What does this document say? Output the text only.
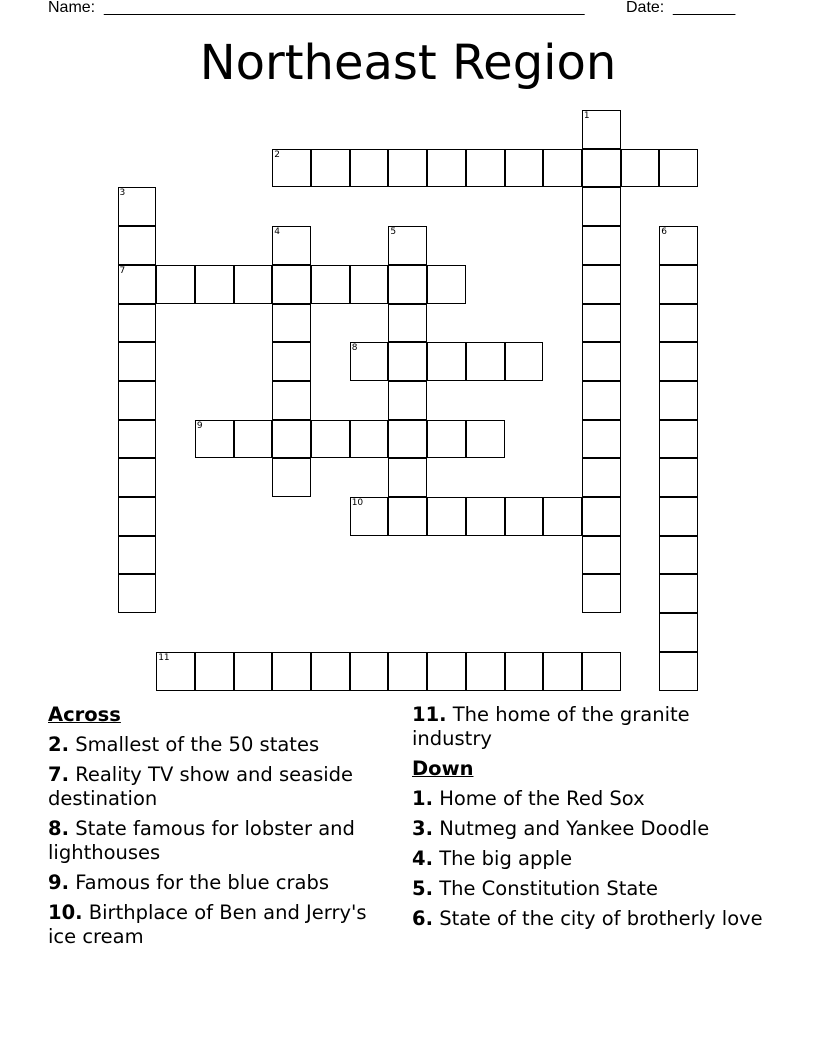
Name: ______________________________________________________	Date: _______
Northeast Region
1
2
3
7
4	5	6
8
9
10
11
Across
2. Smallest of the 50 states
7. Reality TV show and seaside destination
8. State famous for lobster and lighthouses
9. Famous for the blue crabs
10. Birthplace of Ben and Jerry's ice cream
11. The home of the granite industry
Down
1. Home of the Red Sox
3. Nutmeg and Yankee Doodle
4. The big apple
5. The Constitution State
6. State of the city of brotherly love
